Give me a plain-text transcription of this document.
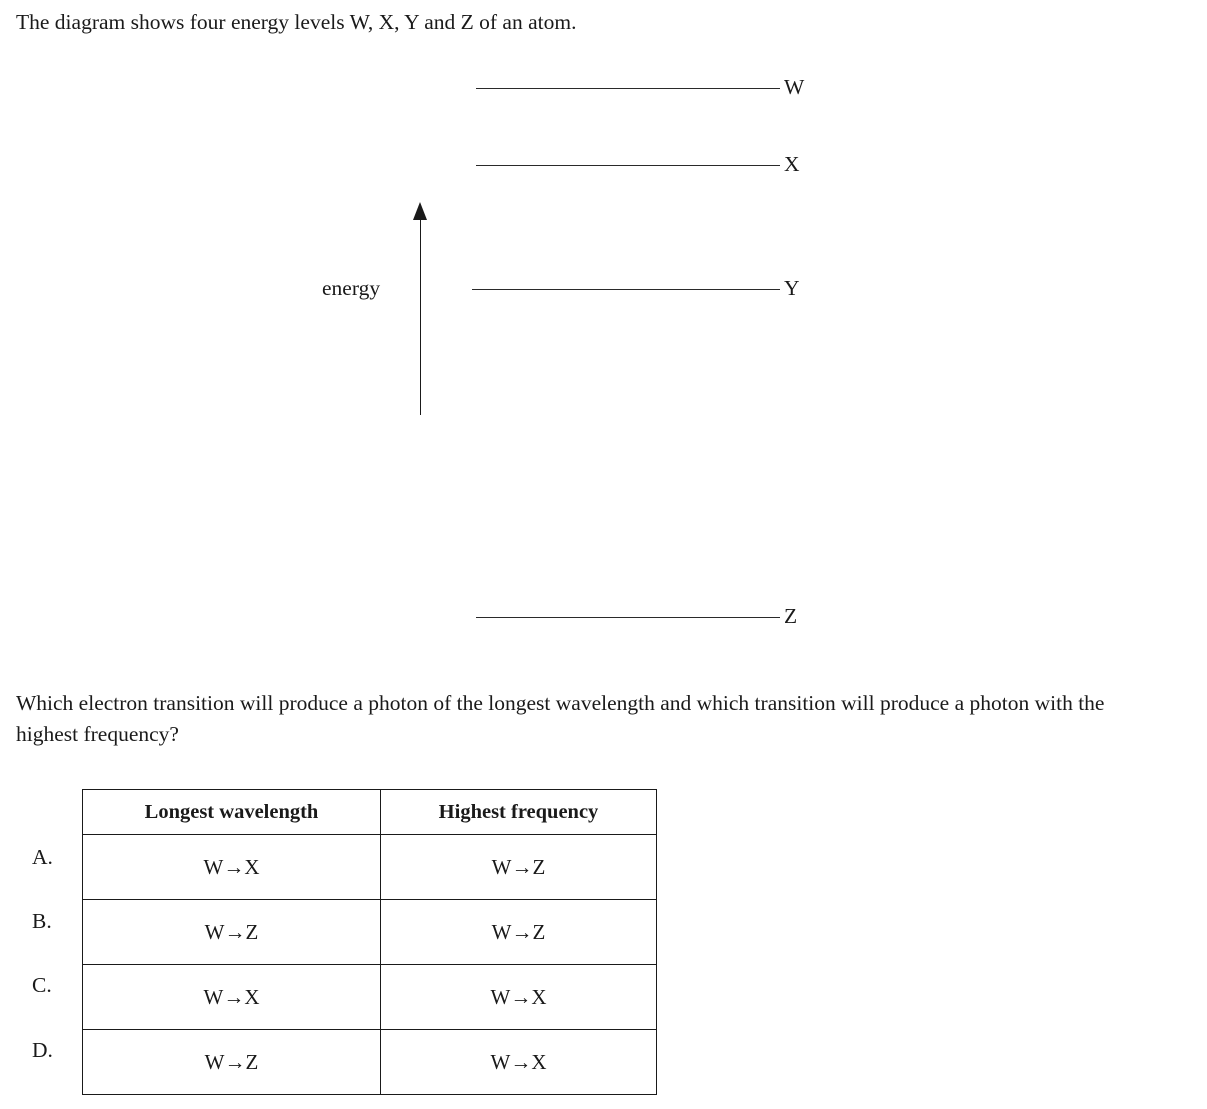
The diagram shows four energy levels W, X, Y and Z of an atom.
W
X
Y
Z
energy
Which electron transition will produce a photon of the longest wavelength and which transition will produce a photon with the highest frequency?
A.
B.
C.
D.
Longest wavelength	Highest frequency
W→X	W→Z
W→Z	W→Z
W→X	W→X
W→Z	W→X
